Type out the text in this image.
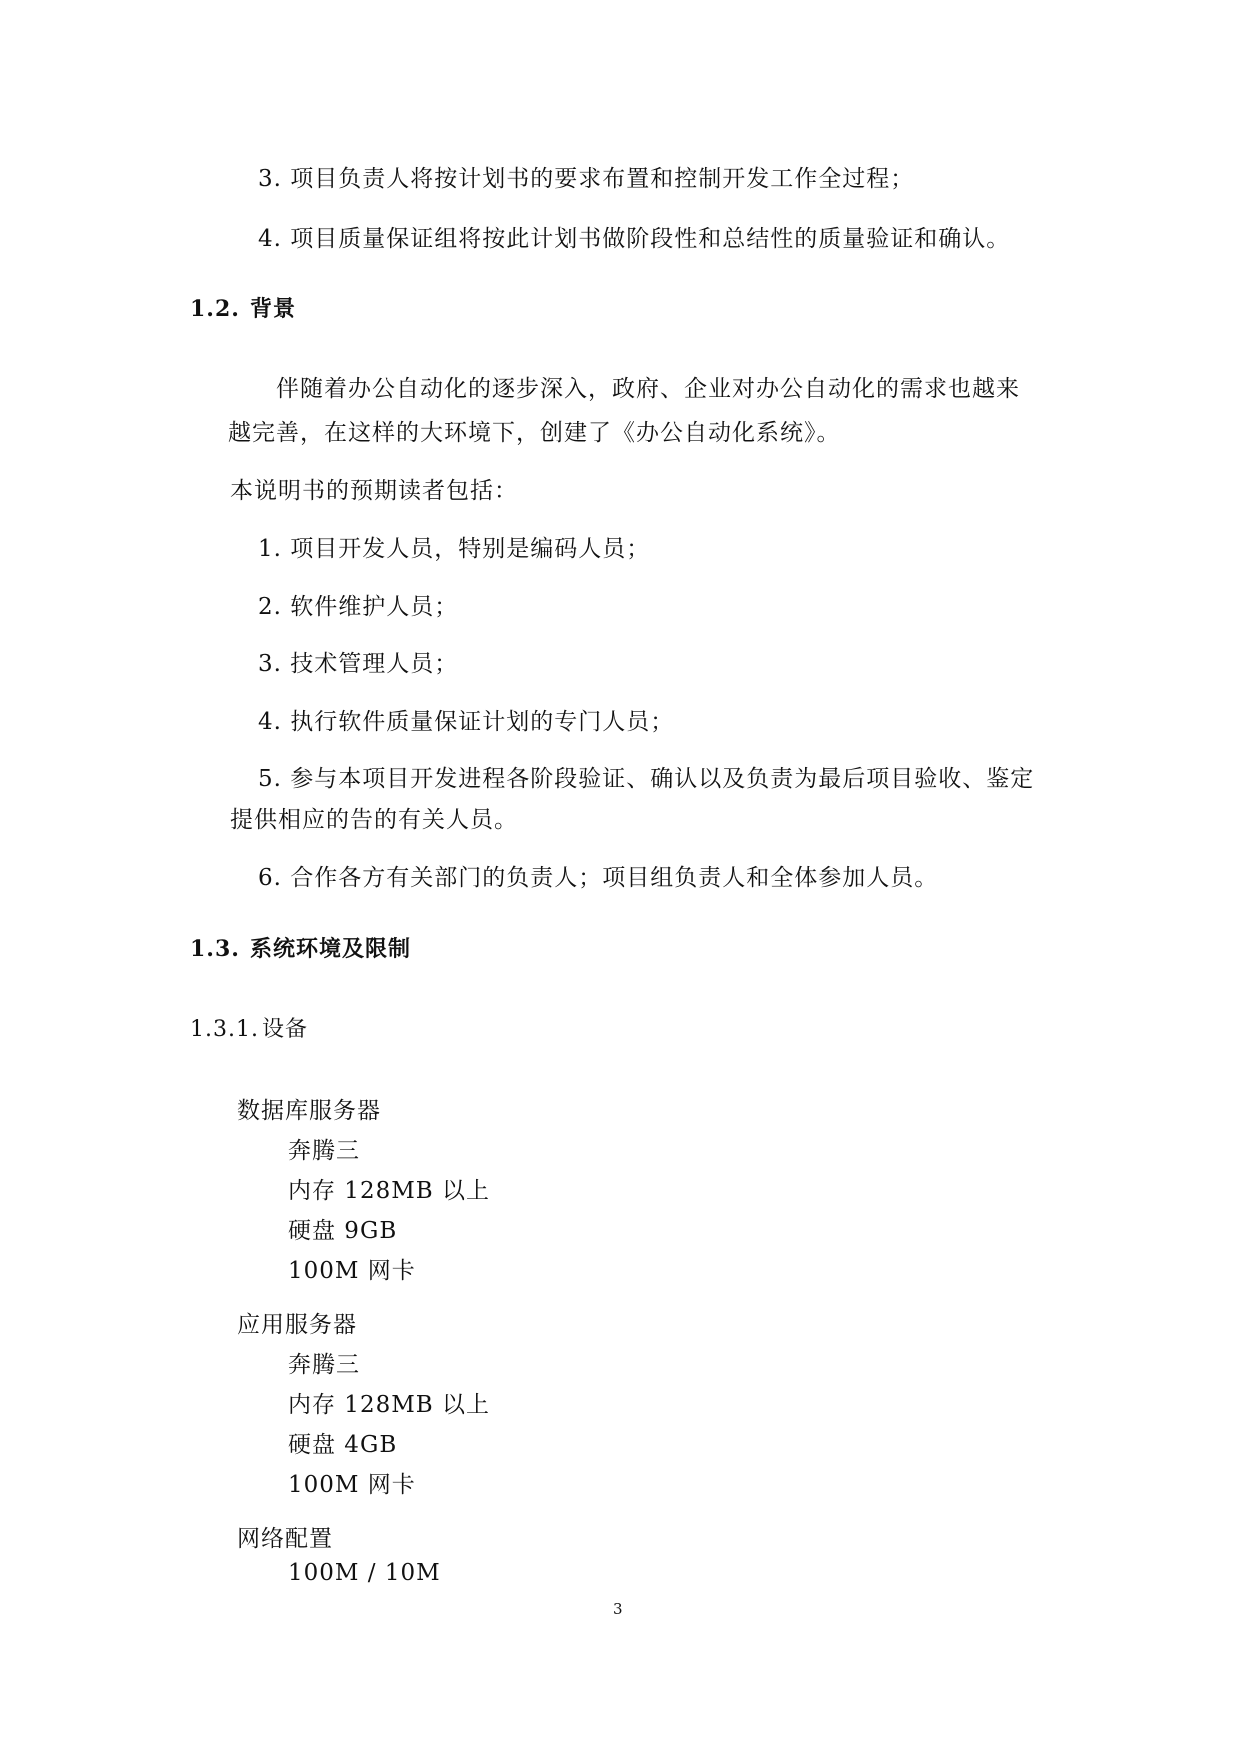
3. 项目负责人将按计划书的要求布置和控制开发工作全过程；
4. 项目质量保证组将按此计划书做阶段性和总结性的质量验证和确认。
1.2. 背景
伴随着办公自动化的逐步深入，政府、企业对办公自动化的需求也越来
越完善，在这样的大环境下，创建了《办公自动化系统》。
本说明书的预期读者包括：
1. 项目开发人员，特别是编码人员；
2. 软件维护人员；
3. 技术管理人员；
4. 执行软件质量保证计划的专门人员；
5. 参与本项目开发进程各阶段验证、确认以及负责为最后项目验收、鉴定
提供相应的告的有关人员。
6. 合作各方有关部门的负责人；项目组负责人和全体参加人员。
1.3. 系统环境及限制
1.3.1. 设备
数据库服务器
奔腾三
内存 128MB 以上
硬盘 9GB
100M 网卡
应用服务器
奔腾三
内存 128MB 以上
硬盘 4GB
100M 网卡
网络配置
100M / 10M
3
